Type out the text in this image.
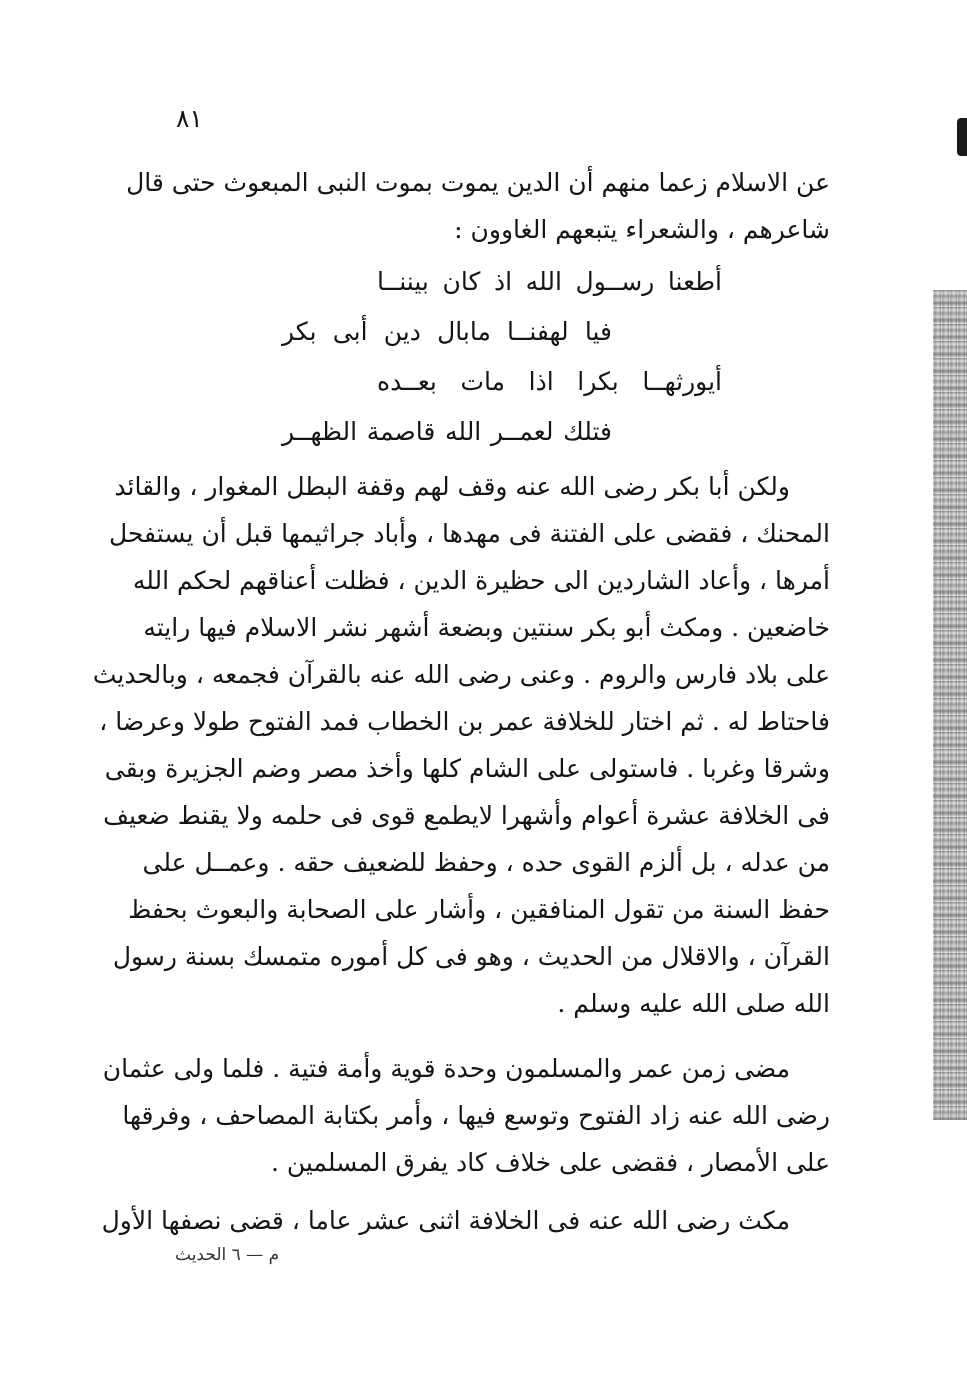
٨١
عن الاسلام زعما منهم أن الدين يموت بموت النبى المبعوث حتى قال
شاعرهم ، والشعراء يتبعهم الغاوون :
أطعنا رســول الله اذ كان بيننــا
فيا لهفنــا مابال دين أبى بكر
أيورثهــا بكرا اذا مات بعــده
فتلك لعمــر الله قاصمة الظهــر
ولكن أبا بكر رضى الله عنه وقف لهم وقفة البطل المغوار ، والقائد
المحنك ، فقضى على الفتنة فى مهدها ، وأباد جراثيمها قبل أن يستفحل
أمرها ، وأعاد الشاردين الى حظيرة الدين ، فظلت أعناقهم لحكم الله
خاضعين . ومكث أبو بكر سنتين وبضعة أشهر نشر الاسلام فيها رايته
على بلاد فارس والروم . وعنى رضى الله عنه بالقرآن فجمعه ، وبالحديث
فاحتاط له . ثم اختار للخلافة عمر بن الخطاب فمد الفتوح طولا وعرضا ،
وشرقا وغربا . فاستولى على الشام كلها وأخذ مصر وضم الجزيرة وبقى
فى الخلافة عشرة أعوام وأشهرا لايطمع قوى فى حلمه ولا يقنط ضعيف
من عدله ، بل ألزم القوى حده ، وحفظ للضعيف حقه . وعمــل على
حفظ السنة من تقول المنافقين ، وأشار على الصحابة والبعوث بحفظ
القرآن ، والاقلال من الحديث ، وهو فى كل أموره متمسك بسنة رسول
الله صلى الله عليه وسلم .
مضى زمن عمر والمسلمون وحدة قوية وأمة فتية . فلما ولى عثمان
رضى الله عنه زاد الفتوح وتوسع فيها ، وأمر بكتابة المصاحف ، وفرقها
على الأمصار ، فقضى على خلاف كاد يفرق المسلمين .
مكث رضى الله عنه فى الخلافة اثنى عشر عاما ، قضى نصفها الأول
م — ٦ الحديث
